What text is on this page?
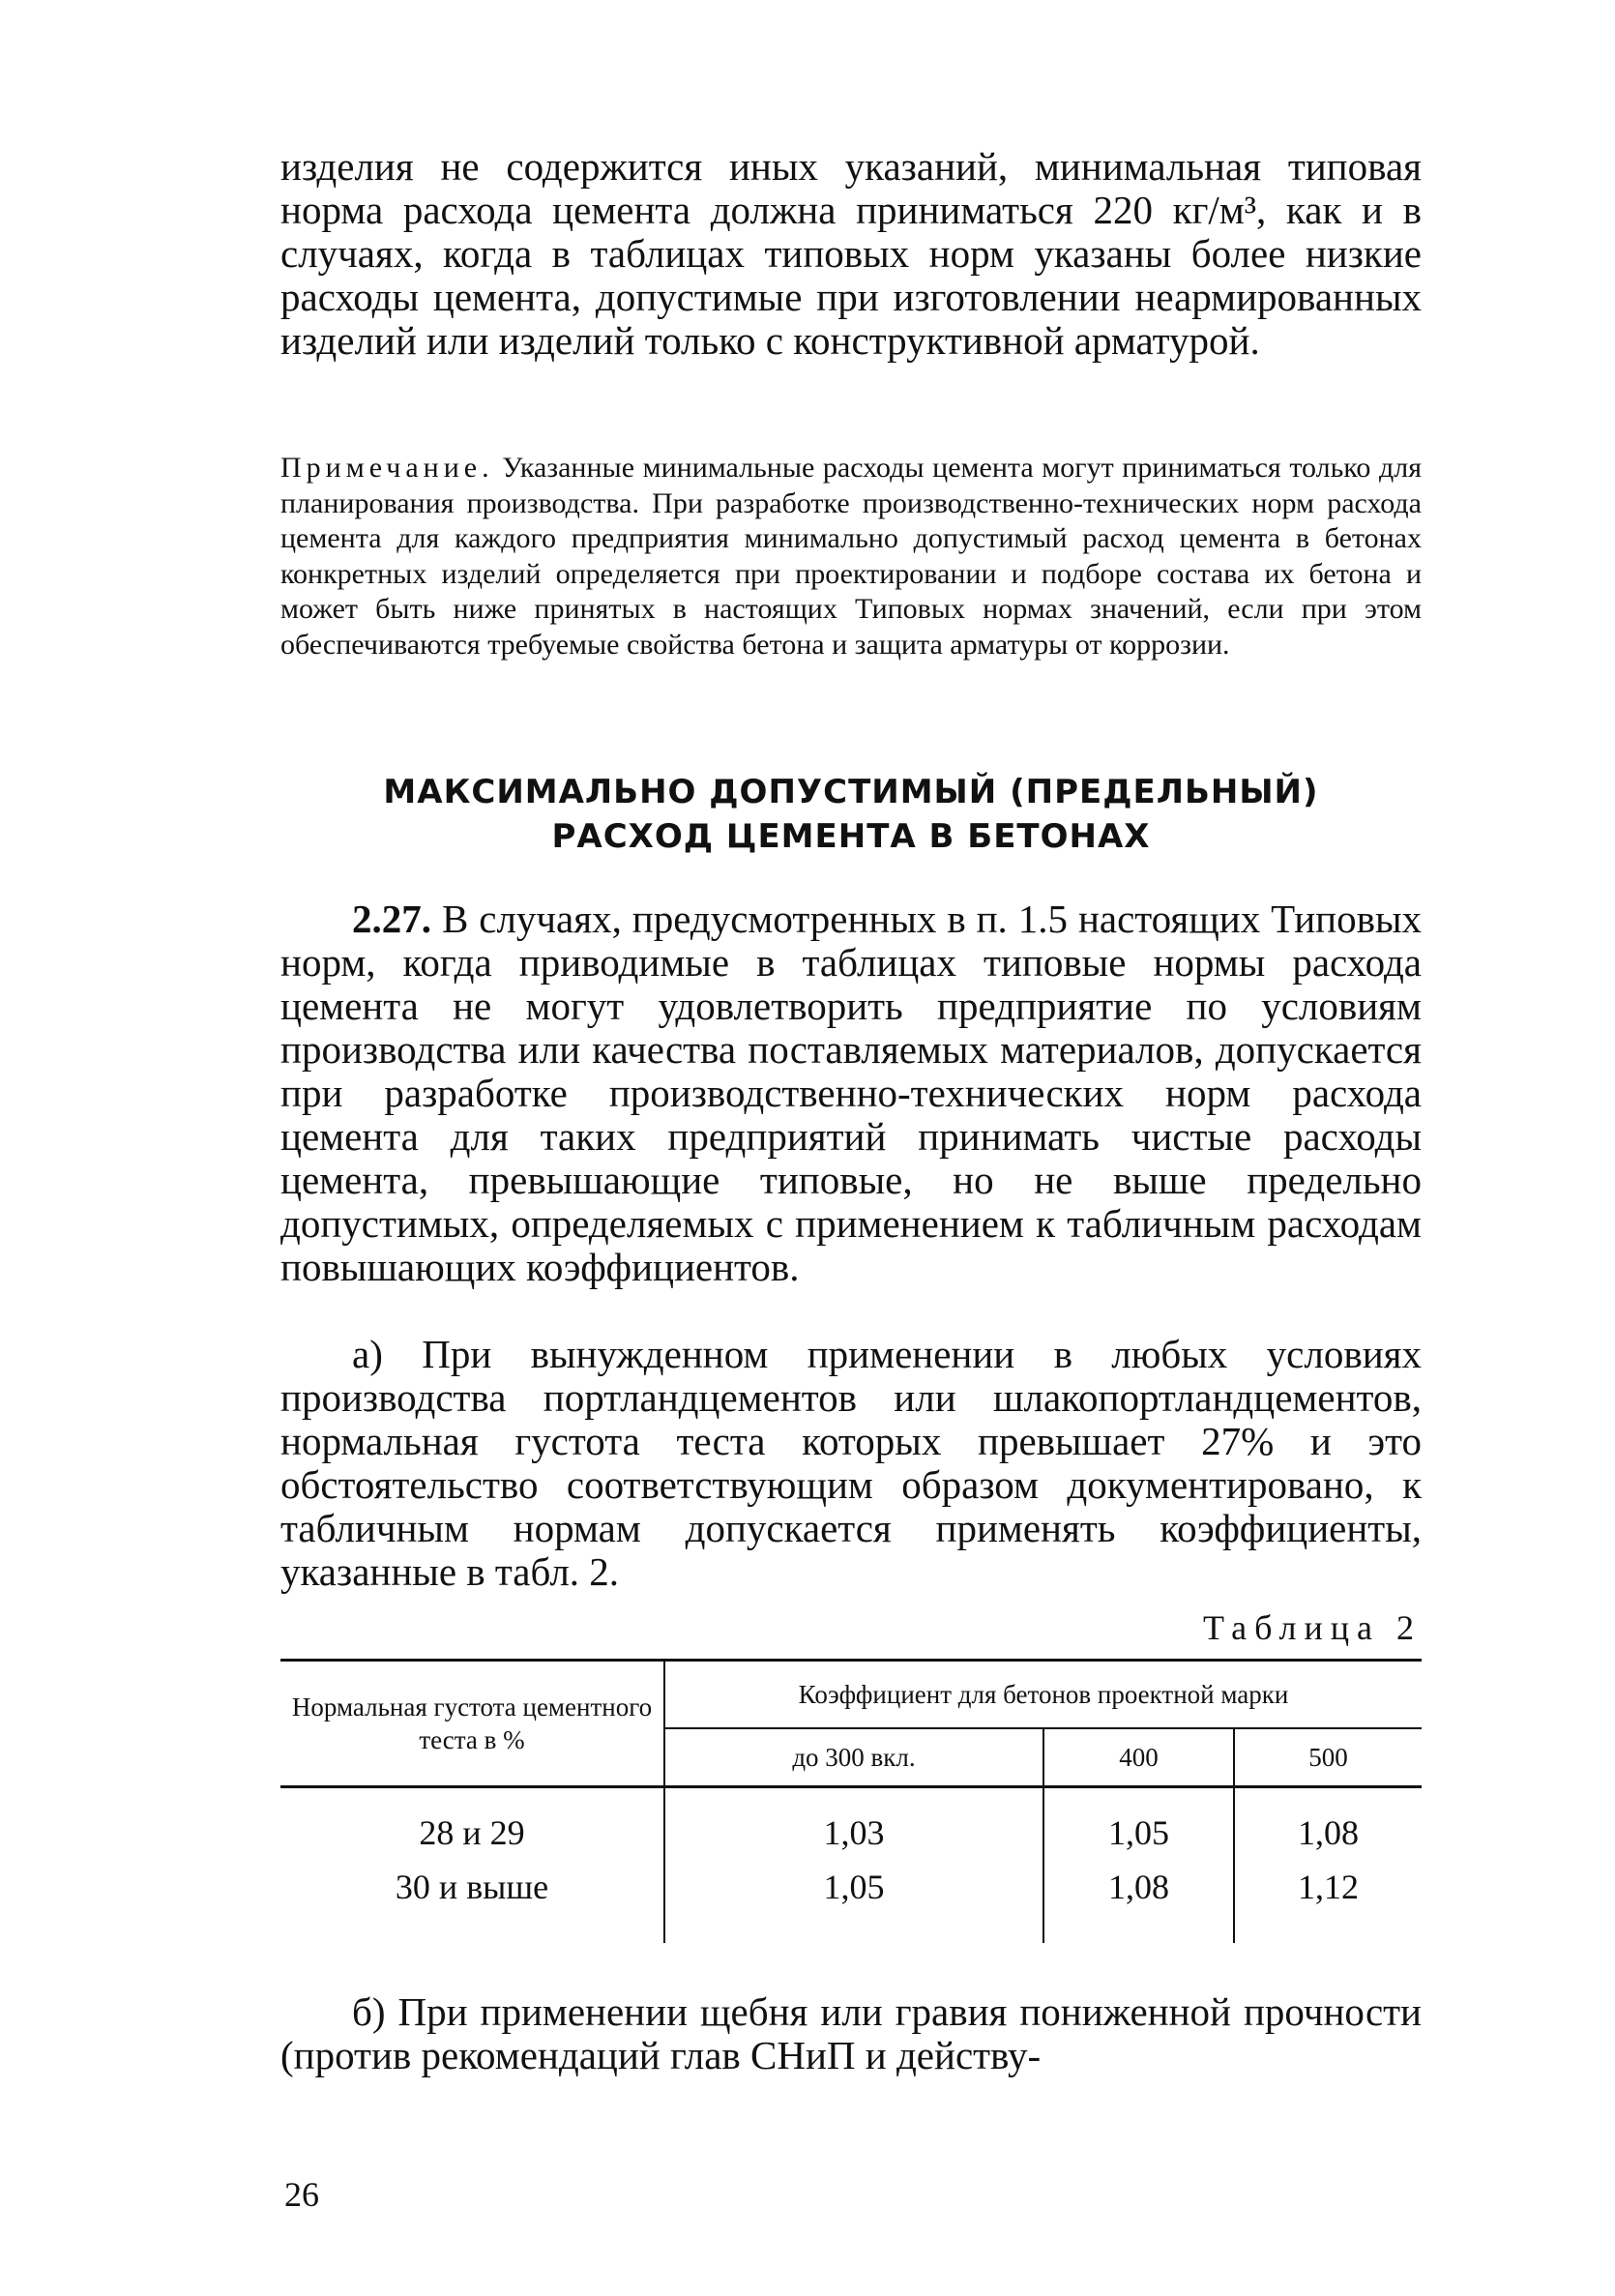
изделия не содержится иных указаний, минимальная типовая норма расхода цемента должна приниматься 220 кг/м³, как и в случаях, когда в таблицах типовых норм указаны более низкие расходы цемента, допустимые при изготовлении неармированных изделий или изделий только с конструктивной арматурой.

Примечание. Указанные минимальные расходы цемента могут приниматься только для планирования производства. При разработке производственно-технических норм расхода цемента для каждого предприятия минимально допустимый расход цемента в бетонах конкретных изделий определяется при проектировании и подборе состава их бетона и может быть ниже принятых в настоящих Типовых нормах значений, если при этом обеспечиваются требуемые свойства бетона и защита арматуры от коррозии.

МАКСИМАЛЬНО ДОПУСТИМЫЙ (ПРЕДЕЛЬНЫЙ)
РАСХОД ЦЕМЕНТА В БЕТОНАХ

2.27. В случаях, предусмотренных в п. 1.5 настоящих Типовых норм, когда приводимые в таблицах типовые нормы расхода цемента не могут удовлетворить предприятие по условиям производства или качества поставляемых материалов, допускается при разработке производственно-технических норм расхода цемента для таких предприятий принимать чистые расходы цемента, превышающие типовые, но не выше предельно допустимых, определяемых с применением к табличным расходам повышающих коэффициентов.

а) При вынужденном применении в любых условиях производства портландцементов или шлакопортландцементов, нормальная густота теста которых превышает 27% и это обстоятельство соответствующим образом документировано, к табличным нормам допускается применять коэффициенты, указанные в табл. 2.

Таблица 2
Нормальная густота цементного теста в %	Коэффициент для бетонов проектной марки		
	до 300 вкл.	400	500
28 и 29	1,03	1,05	1,08
30 и выше	1,05	1,08	1,12

б) При применении щебня или гравия пониженной прочности (против рекомендаций глав СНиП и действу-

26
